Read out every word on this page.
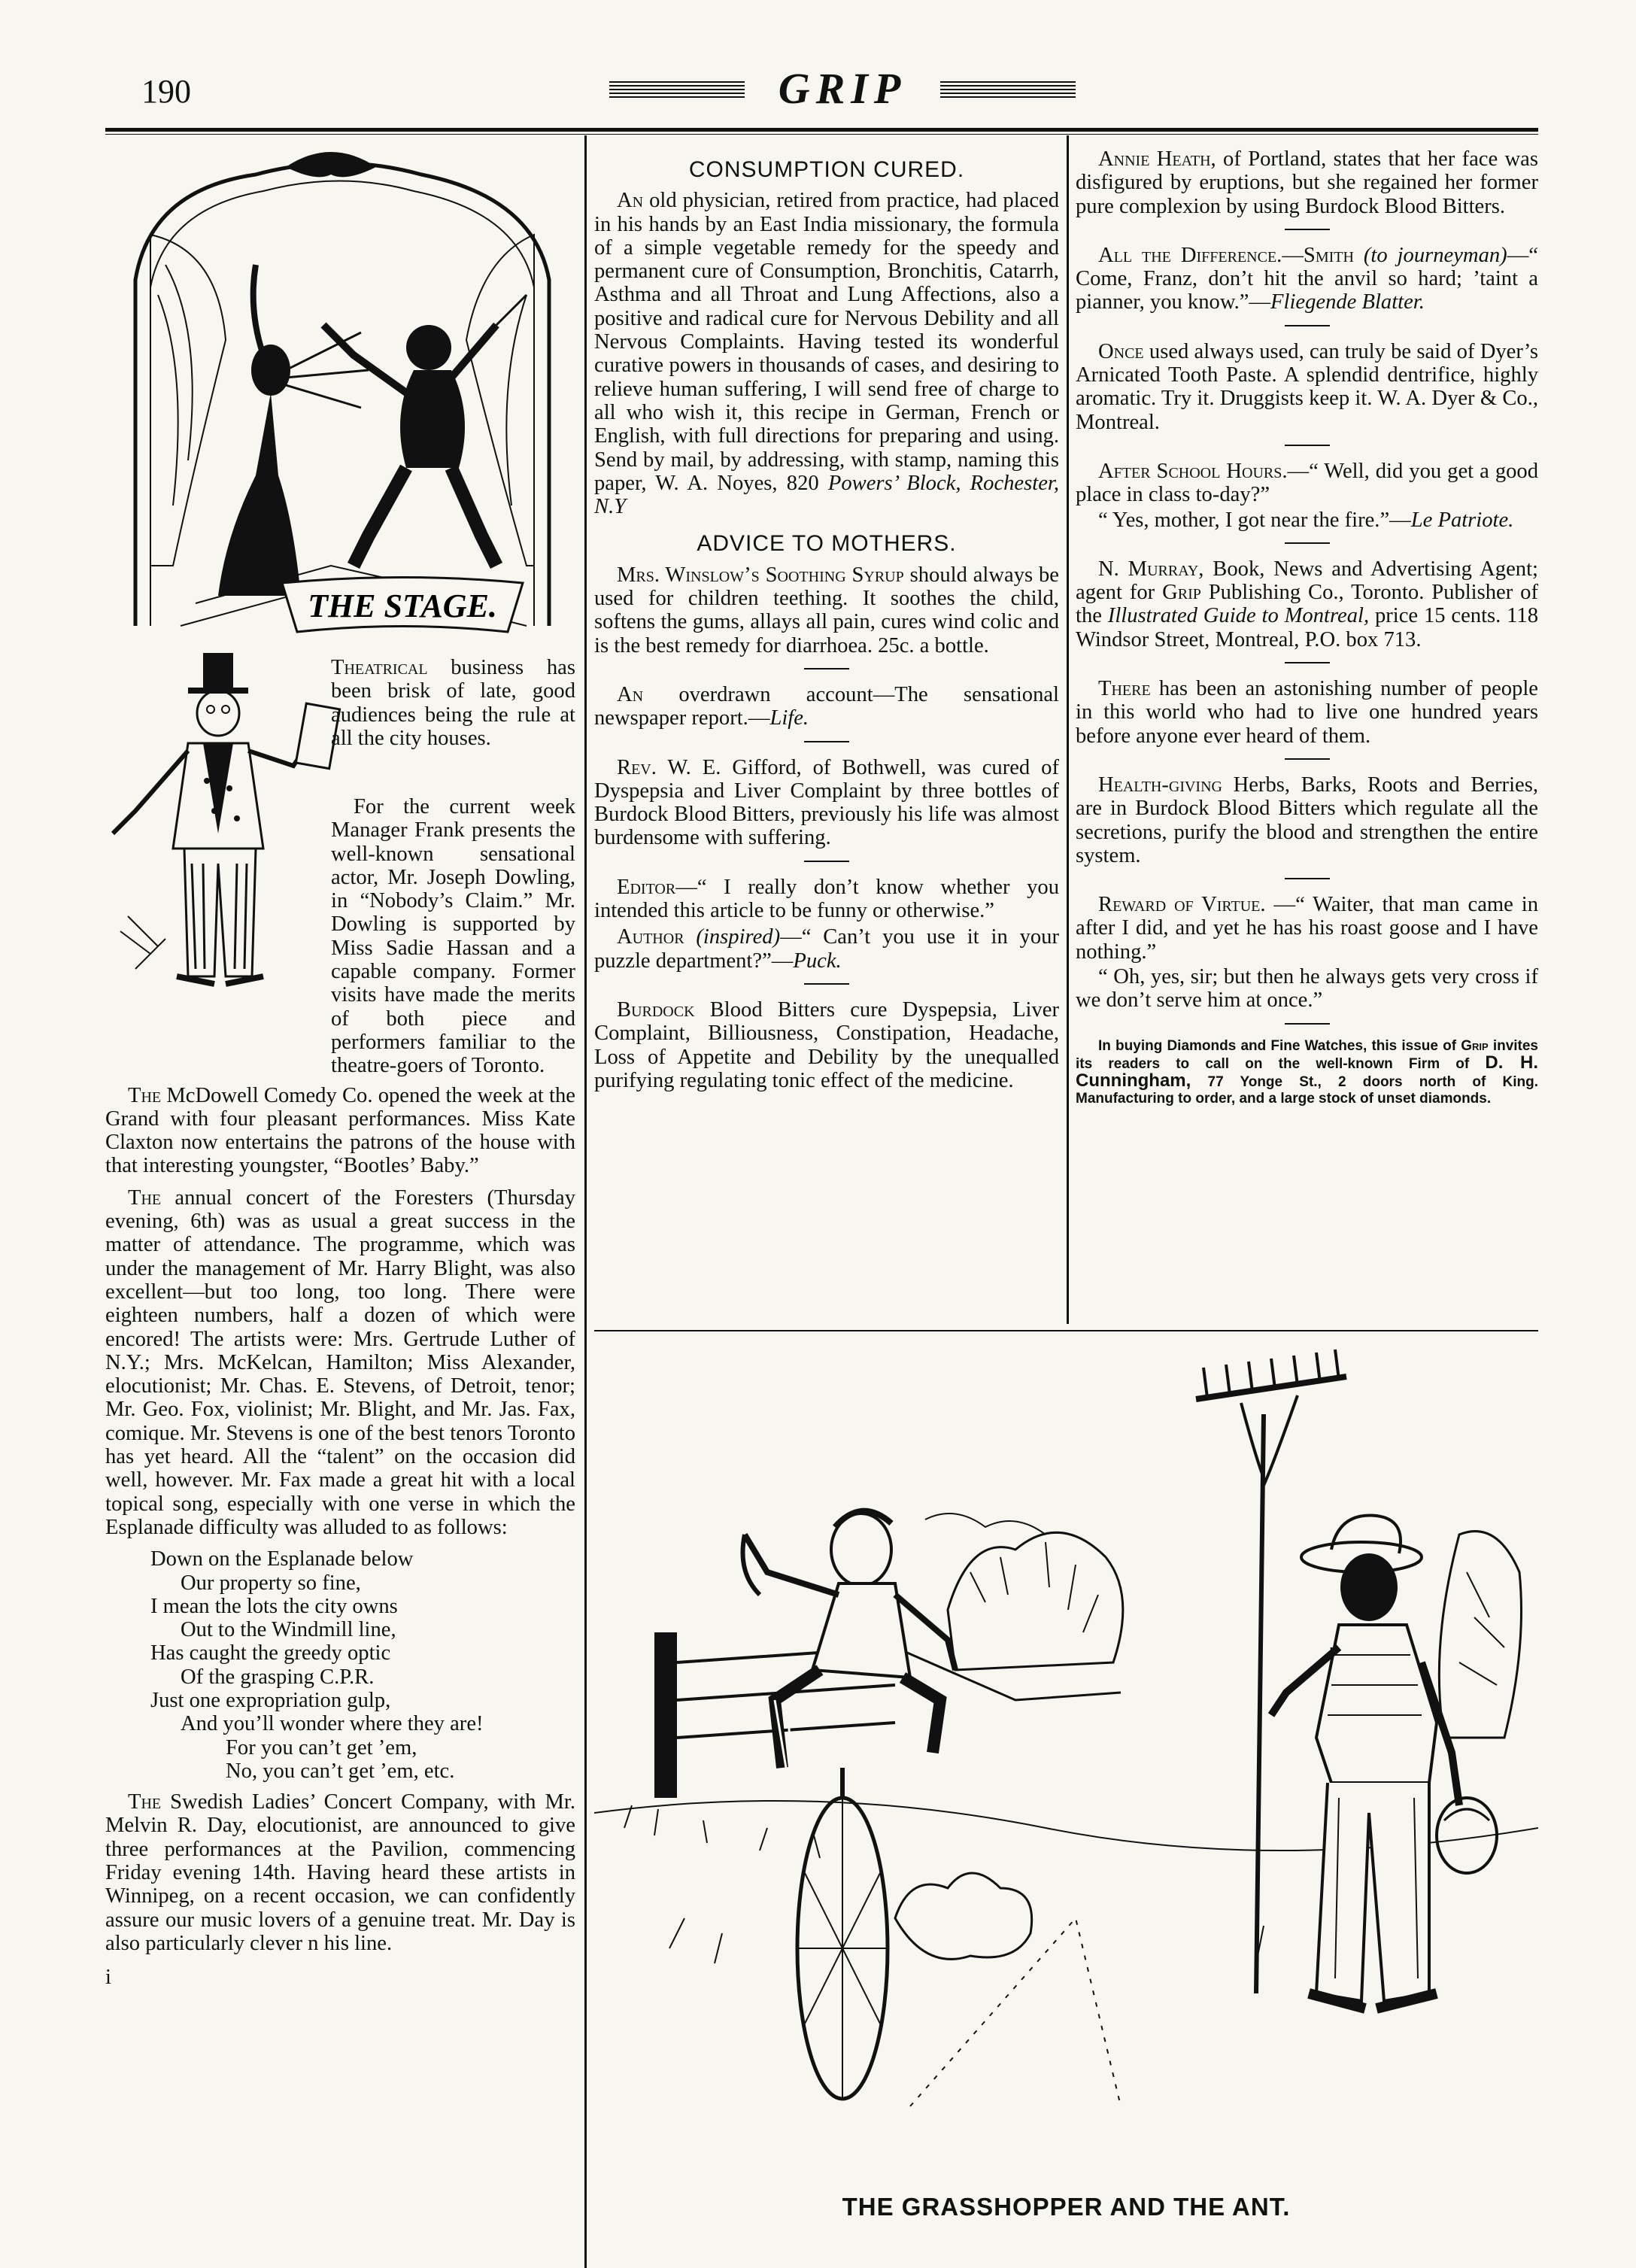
190	GRIP
THE STAGE.
Theatrical business has been brisk of late, good audiences being the rule at all the city houses.

For the current week Manager Frank presents the well-known sensational actor, Mr. Joseph Dowling, in “Nobody’s Claim.” Mr. Dowling is supported by Miss Sadie Hassan and a capable company. Former visits have made the merits of both piece and performers familiar to the theatre-goers of Toronto.

The McDowell Comedy Co. opened the week at the Grand with four pleasant performances. Miss Kate Claxton now entertains the patrons of the house with that interesting youngster, “Bootles’ Baby.”

The annual concert of the Foresters (Thursday evening, 6th) was as usual a great success in the matter of attendance. The programme, which was under the management of Mr. Harry Blight, was also excellent—but too long, too long. There were eighteen numbers, half a dozen of which were encored! The artists were: Mrs. Gertrude Luther of N.Y.; Mrs. McKelcan, Hamilton; Miss Alexander, elocutionist; Mr. Chas. E. Stevens, of Detroit, tenor; Mr. Geo. Fox, violinist; Mr. Blight, and Mr. Jas. Fax, comique. Mr. Stevens is one of the best tenors Toronto has yet heard. All the “talent” on the occasion did well, however. Mr. Fax made a great hit with a local topical song, especially with one verse in which the Esplanade difficulty was alluded to as follows:

Down on the Esplanade below
Our property so fine,
I mean the lots the city owns
Out to the Windmill line,
Has caught the greedy optic
Of the grasping C.P.R.
Just one expropriation gulp,
And you’ll wonder where they are!
For you can’t get ’em,
No, you can’t get ’em, etc.

The Swedish Ladies’ Concert Company, with Mr. Melvin R. Day, elocutionist, are announced to give three performances at the Pavilion, commencing Friday evening 14th. Having heard these artists in Winnipeg, on a recent occasion, we can confidently assure our music lovers of a genuine treat. Mr. Day is also particularly clever n his line.

i
CONSUMPTION CURED.

An old physician, retired from practice, had placed in his hands by an East India missionary, the formula of a simple vegetable remedy for the speedy and permanent cure of Consumption, Bronchitis, Catarrh, Asthma and all Throat and Lung Affections, also a positive and radical cure for Nervous Debility and all Nervous Complaints. Having tested its wonderful curative powers in thousands of cases, and desiring to relieve human suffering, I will send free of charge to all who wish it, this recipe in German, French or English, with full directions for preparing and using. Send by mail, by addressing, with stamp, naming this paper, W. A. Noyes, 820 Powers’ Block, Rochester, N.Y

ADVICE TO MOTHERS.

Mrs. Winslow’s Soothing Syrup should always be used for children teething. It soothes the child, softens the gums, allays all pain, cures wind colic and is the best remedy for diarrhoea. 25c. a bottle.

An overdrawn account—The sensational newspaper report.—Life.

Rev. W. E. Gifford, of Bothwell, was cured of Dyspepsia and Liver Complaint by three bottles of Burdock Blood Bitters, previously his life was almost burdensome with suffering.

Editor—“ I really don’t know whether you intended this article to be funny or otherwise.”

Author (inspired)—“ Can’t you use it in your puzzle department?”—Puck.

Burdock Blood Bitters cure Dyspepsia, Liver Complaint, Billiousness, Constipation, Headache, Loss of Appetite and Debility by the unequalled purifying regulating tonic effect of the medicine.

Annie Heath, of Portland, states that her face was disfigured by eruptions, but she regained her former pure complexion by using Burdock Blood Bitters.

All the Difference.—Smith (to journeyman)—“ Come, Franz, don’t hit the anvil so hard; ’taint a pianner, you know.”—Fliegende Blatter.

Once used always used, can truly be said of Dyer’s Arnicated Tooth Paste. A splendid dentrifice, highly aromatic. Try it. Druggists keep it. W. A. Dyer & Co., Montreal.

After School Hours.—“ Well, did you get a good place in class to-day?”

“ Yes, mother, I got near the fire.”—Le Patriote.

N. Murray, Book, News and Advertising Agent; agent for Grip Publishing Co., Toronto. Publisher of the Illustrated Guide to Montreal, price 15 cents. 118 Windsor Street, Montreal, P.O. box 713.

There has been an astonishing number of people in this world who had to live one hundred years before anyone ever heard of them.

Health-giving Herbs, Barks, Roots and Berries, are in Burdock Blood Bitters which regulate all the secretions, purify the blood and strengthen the entire system.

Reward of Virtue. —“ Waiter, that man came in after I did, and yet he has his roast goose and I have nothing.”

“ Oh, yes, sir; but then he always gets very cross if we don’t serve him at once.”

In buying Diamonds and Fine Watches, this issue of Grip invites its readers to call on the well-known Firm of D. H. Cunningham, 77 Yonge St., 2 doors north of King. Manufacturing to order, and a large stock of unset diamonds.

THE GRASSHOPPER AND THE ANT.
